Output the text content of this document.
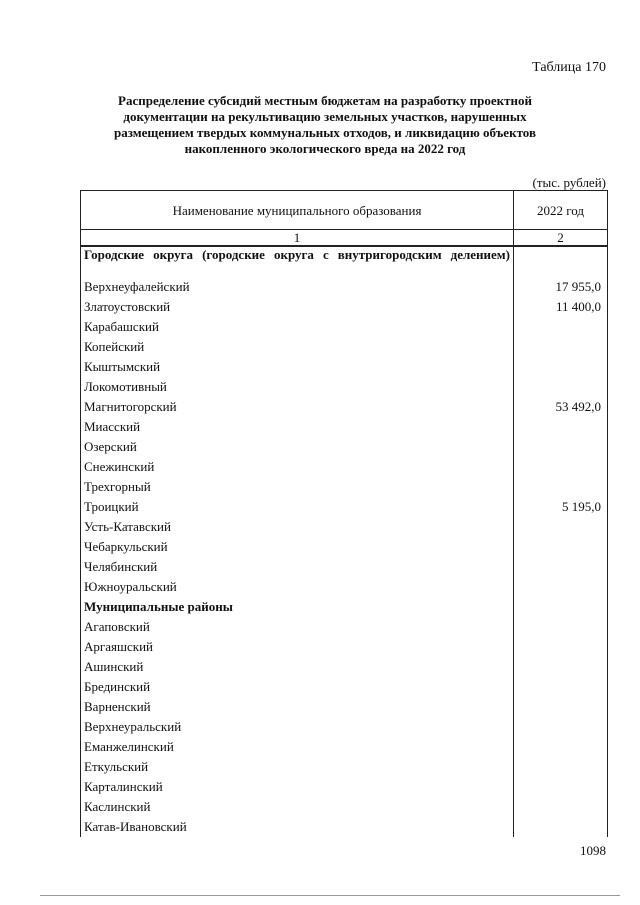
Таблица 170
Распределение субсидий местным бюджетам на разработку проектной документации на рекультивацию земельных участков, нарушенных размещением твердых коммунальных отходов, и ликвидацию объектов накопленного экологического вреда на 2022 год
(тыс. рублей)
Наименование муниципального образования	2022 год
1	2
Городские округа (городские округа с внутригородским делением)	
Верхнеуфалейский	17 955,0
Златоустовский	11 400,0
Карабашский	
Копейский	
Кыштымский	
Локомотивный	
Магнитогорский	53 492,0
Миасский	
Озерский	
Снежинский	
Трехгорный	
Троицкий	5 195,0
Усть-Катавский	
Чебаркульский	
Челябинский	
Южноуральский	
Муниципальные районы	
Агаповский	
Аргаяшский	
Ашинский	
Брединский	
Варненский	
Верхнеуральский	
Еманжелинский	
Еткульский	
Карталинский	
Каслинский	
Катав-Ивановский	
1098
